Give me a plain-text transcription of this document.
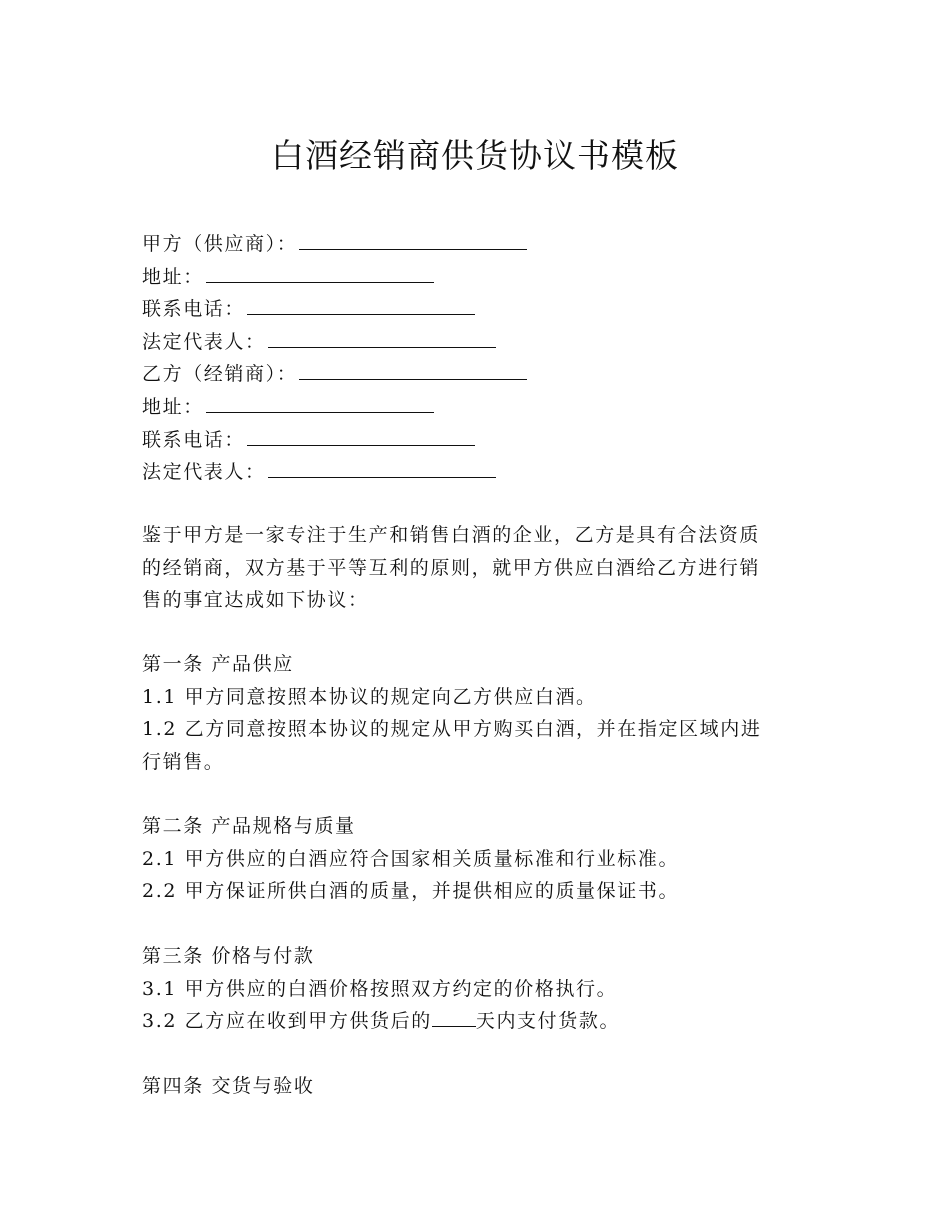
白酒经销商供货协议书模板
甲方（供应商）：
地址：
联系电话：
法定代表人：
乙方（经销商）：
地址：
联系电话：
法定代表人：
鉴于甲方是一家专注于生产和销售白酒的企业，乙方是具有合法资质
的经销商，双方基于平等互利的原则，就甲方供应白酒给乙方进行销
售的事宜达成如下协议：
第一条 产品供应
1.1 甲方同意按照本协议的规定向乙方供应白酒。
1.2 乙方同意按照本协议的规定从甲方购买白酒，并在指定区域内进
行销售。
第二条 产品规格与质量
2.1 甲方供应的白酒应符合国家相关质量标准和行业标准。
2.2 甲方保证所供白酒的质量，并提供相应的质量保证书。
第三条 价格与付款
3.1 甲方供应的白酒价格按照双方约定的价格执行。
3.2 乙方应在收到甲方供货后的 天内支付货款。
第四条 交货与验收
